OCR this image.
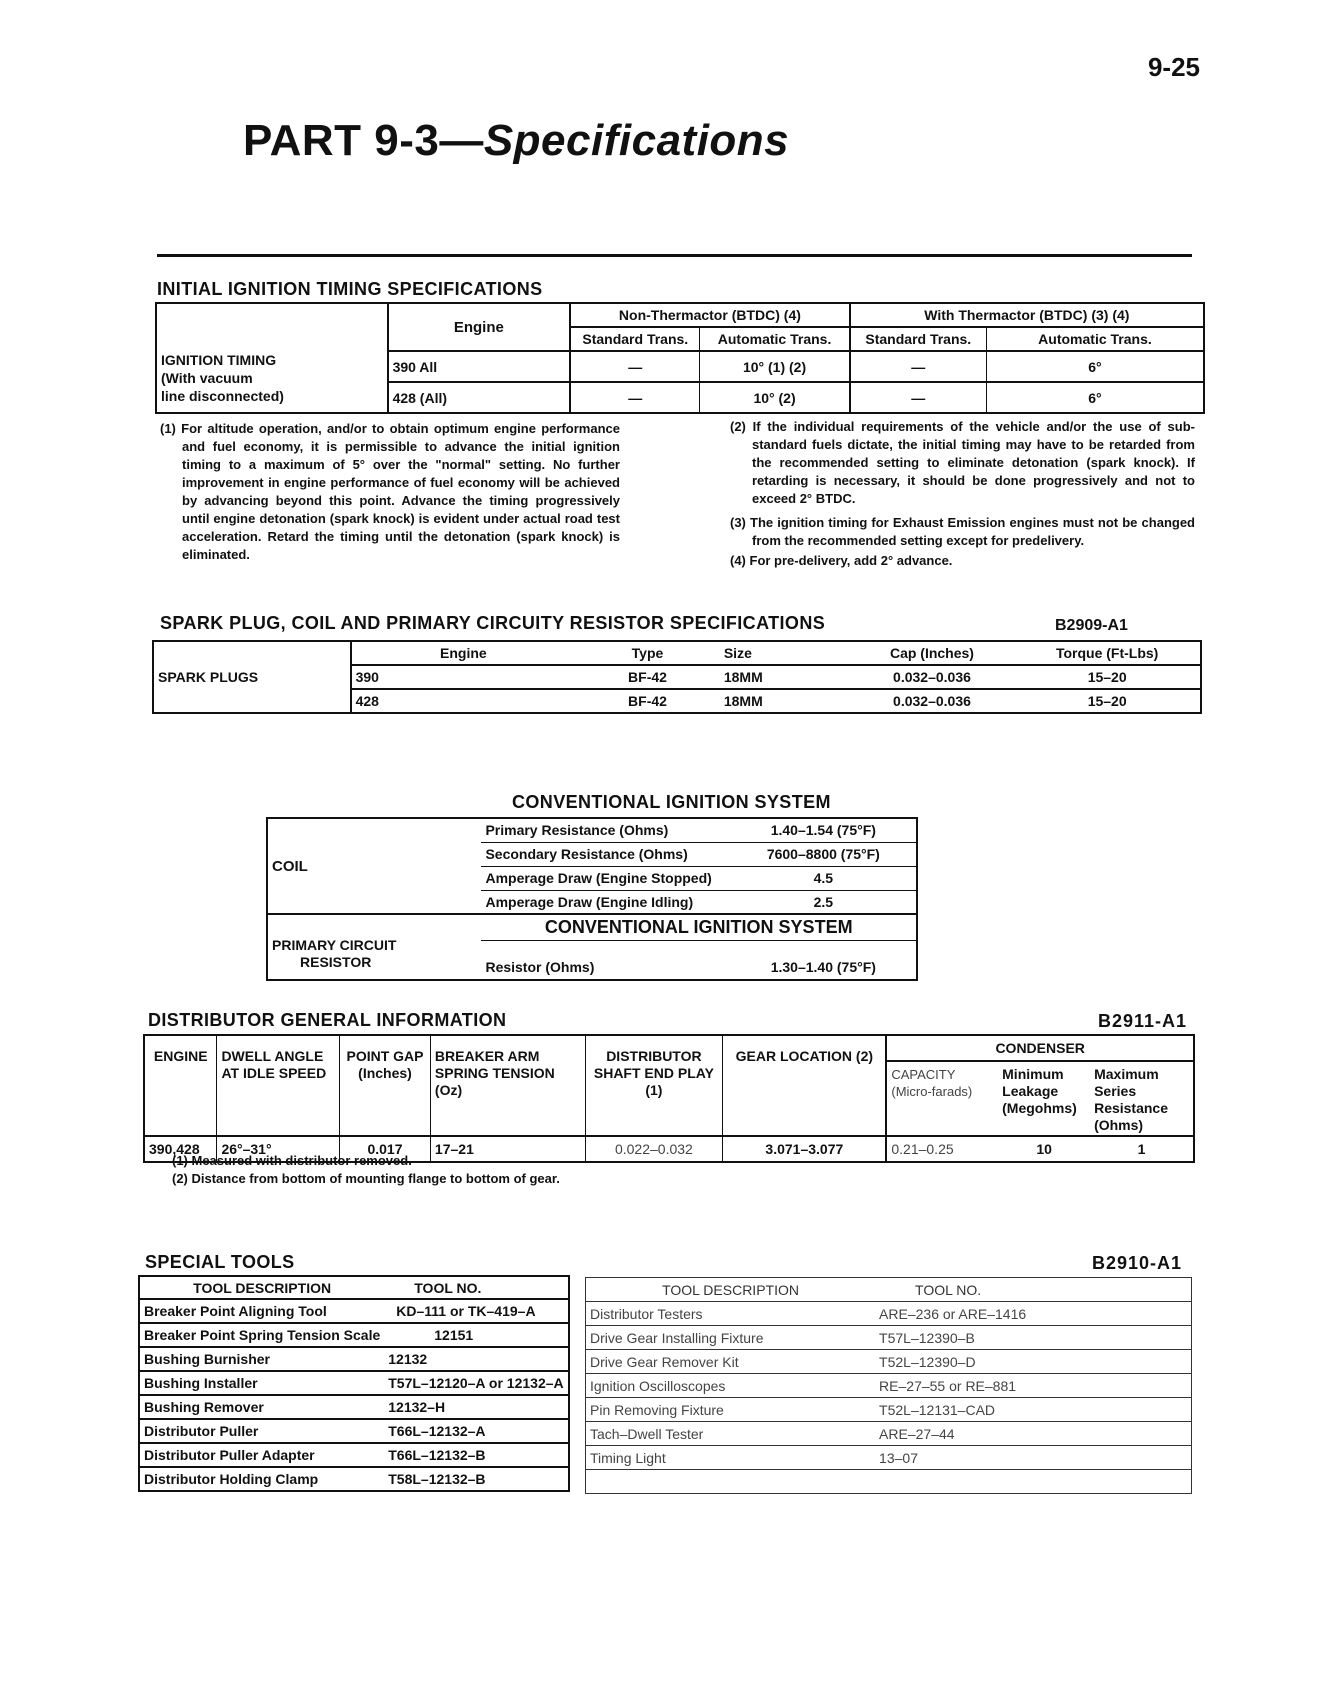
9-25
PART 9-3—Specifications
INITIAL IGNITION TIMING SPECIFICATIONS
IGNITION TIMING
(With vacuum
line disconnected)	Engine	Non-Thermactor (BTDC) (4)		With Thermactor (BTDC) (3) (4)	
		Standard Trans.	Automatic Trans.	Standard Trans.	Automatic Trans.
	390 All	—	10° (1) (2)	—	6°
	428 (All)	—	10° (2)	—	6°

(1) For altitude operation, and/or to obtain optimum engine performance and fuel economy, it is permissible to advance the initial ignition timing to a maximum of 5° over the "normal" setting. No further improvement in engine performance of fuel economy will be achieved by advancing beyond this point. Advance the timing progressively until engine detonation (spark knock) is evident under actual road test acceleration. Retard the timing until the detonation (spark knock) is eliminated.

(2) If the individual requirements of the vehicle and/or the use of sub-standard fuels dictate, the initial timing may have to be retarded from the recommended setting to eliminate detonation (spark knock). If retarding is necessary, it should be done progressively and not to exceed 2° BTDC.

(3) The ignition timing for Exhaust Emission engines must not be changed from the recommended setting except for predelivery.

(4) For pre-delivery, add 2° advance.

SPARK PLUG, COIL AND PRIMARY CIRCUITY RESISTOR SPECIFICATIONS	B2909-A1
SPARK PLUGS	Engine	Type	Size	Cap (Inches)	Torque (Ft-Lbs)
	390	BF-42	18MM	0.032–0.036	15–20
	428	BF-42	18MM	0.032–0.036	15–20
CONVENTIONAL IGNITION SYSTEM
COIL	Primary Resistance (Ohms)	1.40–1.54 (75°F)
	Secondary Resistance (Ohms)	7600–8800 (75°F)
	Amperage Draw (Engine Stopped)	4.5
	Amperage Draw (Engine Idling)	2.5

PRIMARY CIRCUIT
RESISTOR	CONVENTIONAL IGNITION SYSTEM	
	Resistor (Ohms)	1.30–1.40 (75°F)
DISTRIBUTOR GENERAL INFORMATION	B2911-A1
ENGINE	DWELL ANGLE AT IDLE SPEED	POINT GAP (Inches)	BREAKER ARM SPRING TENSION (Oz)	DISTRIBUTOR SHAFT END PLAY (1)	GEAR LOCATION (2)	CONDENSER		
						CAPACITY (Micro-farads)	Minimum Leakage (Megohms)	Maximum Series Resistance (Ohms)
390,428	26°–31°	0.017	17–21	0.022–0.032	3.071–3.077	0.21–0.25	10	1
(1) Measured with distributor removed.
(2) Distance from bottom of mounting flange to bottom of gear.
SPECIAL TOOLS	B2910-A1
TOOL DESCRIPTION	TOOL NO.
Breaker Point Aligning Tool	KD–111 or TK–419–A
Breaker Point Spring Tension Scale	12151
Bushing Burnisher	12132
Bushing Installer	T57L–12120–A or 12132–A
Bushing Remover	12132–H
Distributor Puller	T66L–12132–A
Distributor Puller Adapter	T66L–12132–B
Distributor Holding Clamp	T58L–12132–B
TOOL DESCRIPTION	TOOL NO.
Distributor Testers	ARE–236 or ARE–1416
Drive Gear Installing Fixture	T57L–12390–B
Drive Gear Remover Kit	T52L–12390–D
Ignition Oscilloscopes	RE–27–55 or RE–881
Pin Removing Fixture	T52L–12131–CAD
Tach–Dwell Tester	ARE–27–44
Timing Light	13–07
